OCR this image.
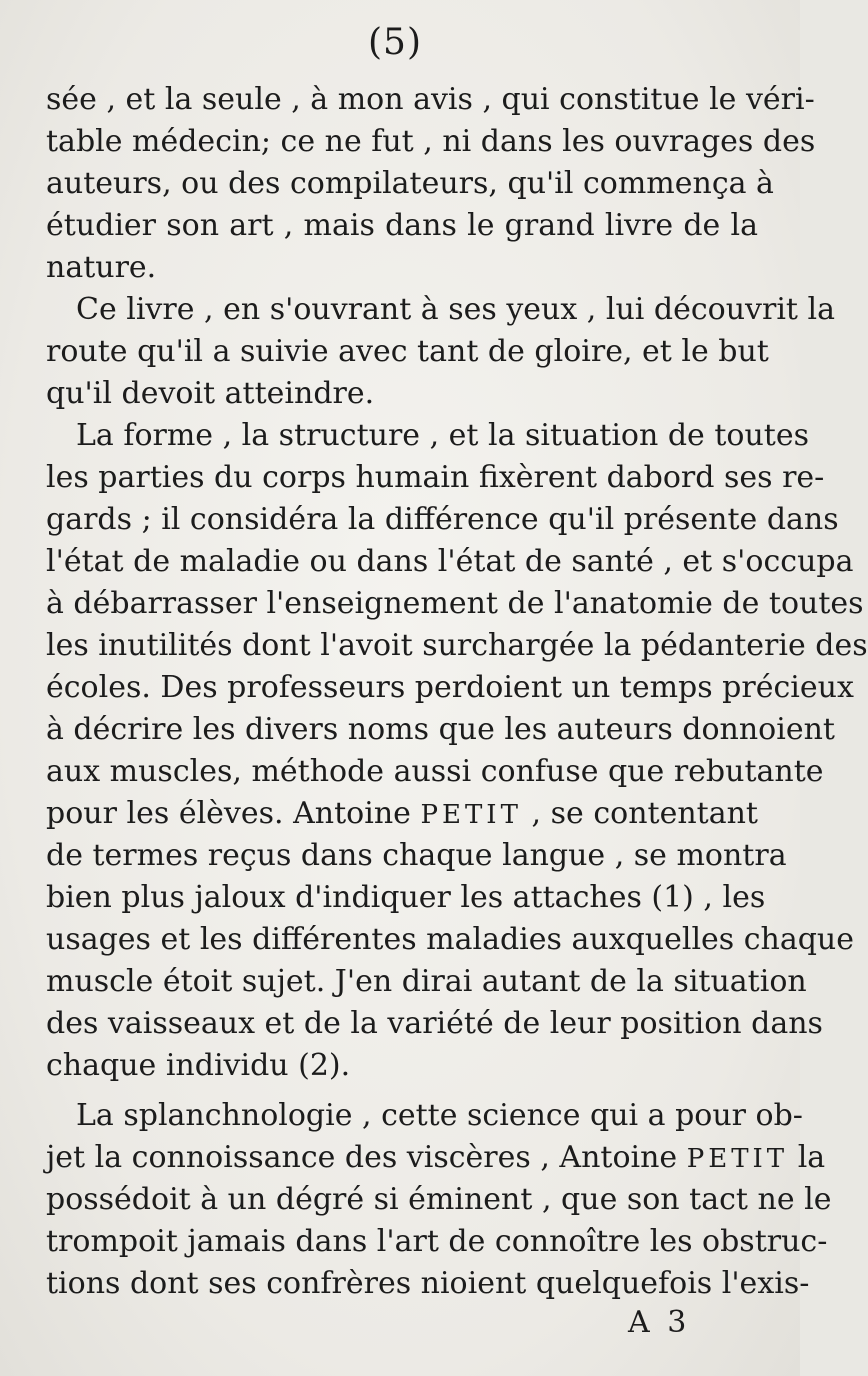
(5)
sée , et la seule , à mon avis , qui constitue le véri-
table médecin; ce ne fut , ni dans les ouvrages des
auteurs, ou des compilateurs, qu'il commença à
étudier son art , mais dans le grand livre de la
nature.
Ce livre , en s'ouvrant à ses yeux , lui découvrit la
route qu'il a suivie avec tant de gloire, et le but
qu'il devoit atteindre.
La forme , la structure , et la situation de toutes
les parties du corps humain fixèrent dabord ses re-
gards ; il considéra la différence qu'il présente dans
l'état de maladie ou dans l'état de santé , et s'occupa
à débarrasser l'enseignement de l'anatomie de toutes
les inutilités dont l'avoit surchargée la pédanterie des
écoles. Des professeurs perdoient un temps précieux
à décrire les divers noms que les auteurs donnoient
aux muscles, méthode aussi confuse que rebutante
pour les élèves. Antoine PETIT , se contentant
de termes reçus dans chaque langue , se montra
bien plus jaloux d'indiquer les attaches (1) , les
usages et les différentes maladies auxquelles chaque
muscle étoit sujet. J'en dirai autant de la situation
des vaisseaux et de la variété de leur position dans
chaque individu (2).
La splanchnologie , cette science qui a pour ob-
jet la connoissance des viscères , Antoine PETIT la
possédoit à un dégré si éminent , que son tact ne le
trompoit jamais dans l'art de connoître les obstruc-
tions dont ses confrères nioient quelquefois l'exis-
A 3
